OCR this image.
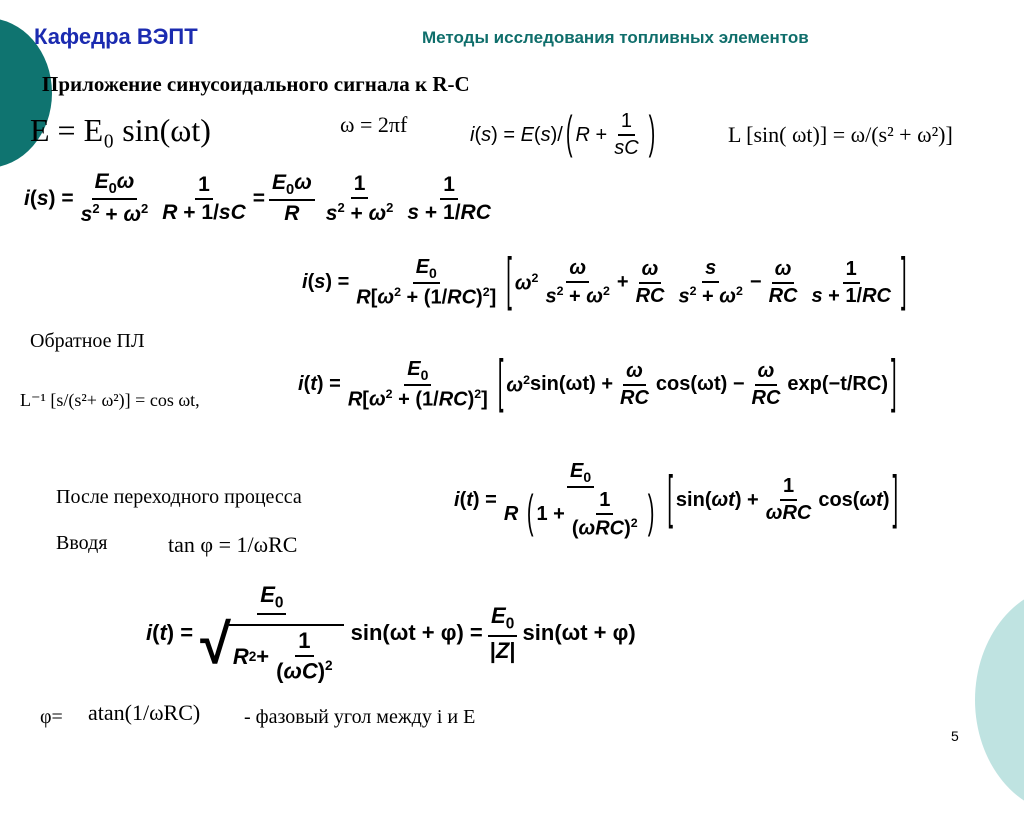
Кафедра ВЭПТ	Методы исследования топливных элементов
Приложение синусоидального сигнала к R-C
E = E₀ sin(ωt)	ω = 2πf	i(s) = E(s)/ ( $R + \frac{1}{sC}$ )	L [sin( ωt)] = ω/(s² + ω²)]
$i(s) = \frac{E_0\omega}{s^2 + \omega^2} \frac{1}{R + 1/sC} = \frac{E_0\omega}{R} \frac{1}{s^2 + \omega^2} \frac{1}{s + 1/RC}$
$i(s) = \frac{E_0}{R[\omega^2 + (1/RC)^2]}$ [ $\omega^2 \frac{\omega}{s^2 + \omega^2} + \frac{\omega}{RC} \frac{s}{s^2 + \omega^2} - \frac{\omega}{RC} \frac{1}{s + 1/RC}$ ]
Обратное ПЛ
L⁻¹ [s/(s²+ ω²)] = cos ωt,
$i(t) = \frac{E_0}{R[\omega^2 + (1/RC)^2]}$ [ $\omega^2$ $\sin(\omega t) + \frac{\omega}{RC} \cos(\omega t) - \frac{\omega}{RC} \exp(-t/RC)$ ]
После переходного процесса	$i(t) = E_0$
R
( $1 + \frac{1}{(\omega RC)^2}$ ) [ $\sin(\omega t) + \frac{1}{\text{ωRC}} \cos(\omega t)$ ]
Вводя	tan φ = 1/ωRC
$i(t) = \frac{E_0}{√ R 2 + \frac{1}{(\omega C)^2}} \sin(\omega t + \varphi) = \frac{E_0}{|Z|} \sin(\omega t + \varphi)$
φ= atan(1/ωRC) - фазовый угол между i и E
5
